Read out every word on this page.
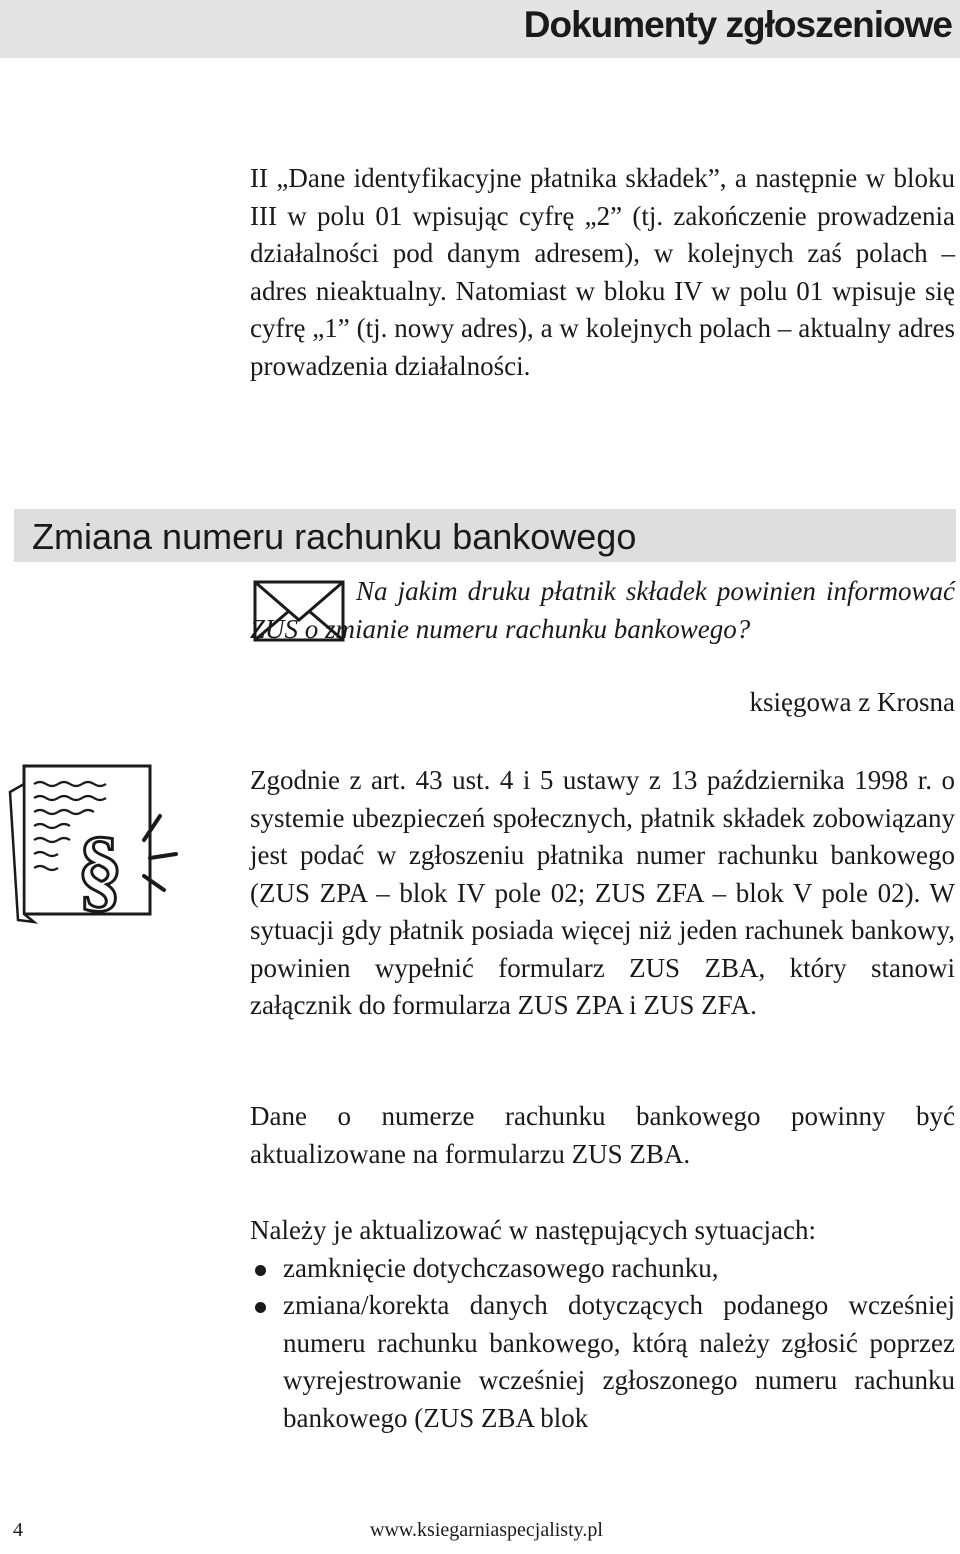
Dokumenty zgłoszeniowe
II „Dane identyfikacyjne płatnika składek”, a następnie w bloku III w polu 01 wpisując cyfrę „2” (tj. zakończenie prowadzenia działalności pod danym adresem), w kolejnych zaś polach – adres nieaktualny. Natomiast w bloku IV w polu 01 wpisuje się cyfrę „1” (tj. nowy adres), a w kolejnych polach – aktualny adres prowadzenia działalności.
Zmiana numeru rachunku bankowego
Na jakim druku płatnik składek powinien informować ZUS o zmianie numeru rachunku bankowego?
księgowa z Krosna
§
Zgodnie z art. 43 ust. 4 i 5 ustawy z 13 października 1998 r. o systemie ubezpieczeń społecznych, płatnik składek zobowiązany jest podać w zgłoszeniu płatnika numer rachunku bankowego (ZUS ZPA – blok IV pole 02; ZUS ZFA – blok V pole 02). W sytuacji gdy płatnik posiada więcej niż jeden rachunek bankowy, powinien wypełnić formularz ZUS ZBA, który stanowi załącznik do formularza ZUS ZPA i ZUS ZFA.
Dane o numerze rachunku bankowego powinny być aktualizowane na formularzu ZUS ZBA.
Należy je aktualizować w następujących sytuacjach:
zamknięcie dotychczasowego rachunku,
zmiana/korekta danych dotyczących podanego wcześniej numeru rachunku bankowego, którą należy zgłosić poprzez wyrejestrowanie wcześniej zgłoszonego numeru rachunku bankowego (ZUS ZBA blok
4	www.ksiegarniaspecjalisty.pl
